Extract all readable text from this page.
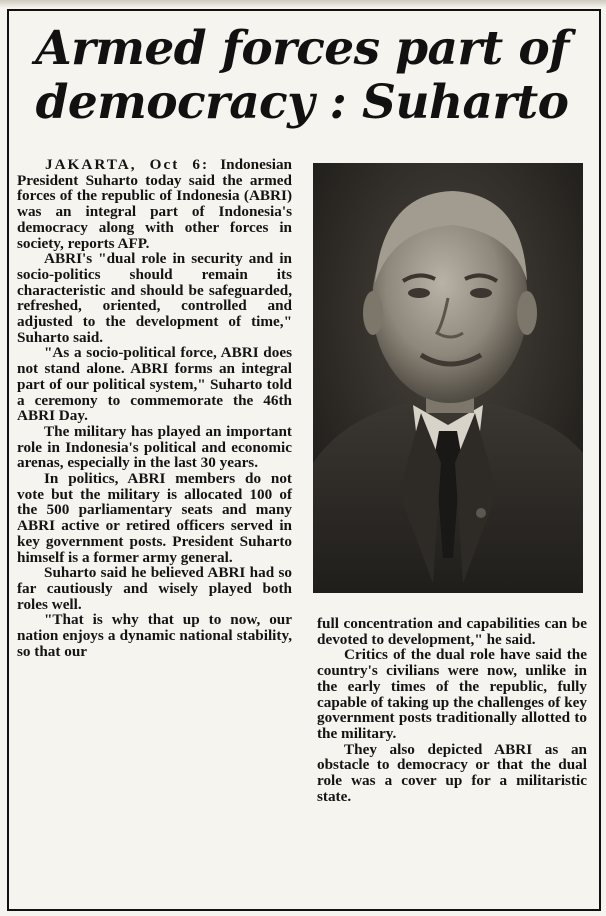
Armed forces part of
democracy : Suharto

JAKARTA, Oct 6: Indonesian President Suharto today said the armed forces of the republic of Indonesia (ABRI) was an integral part of Indonesia's democracy along with other forces in society, reports AFP.

ABRI's "dual role in security and in socio-politics should remain its characteristic and should be safeguarded, refreshed, oriented, controlled and adjusted to the development of time," Suharto said.

"As a socio-political force, ABRI does not stand alone. ABRI forms an integral part of our political system," Suharto told a ceremony to commemorate the 46th ABRI Day.

The military has played an important role in Indonesia's political and economic arenas, especially in the last 30 years.

In politics, ABRI members do not vote but the military is allocated 100 of the 500 parliamentary seats and many ABRI active or retired officers served in key government posts. President Suharto himself is a former army general.

Suharto said he believed ABRI had so far cautiously and wisely played both roles well.

"That is why that up to now, our nation enjoys a dynamic national stability, so that our

full concentration and capabilities can be devoted to development," he said.

Critics of the dual role have said the country's civilians were now, unlike in the early times of the republic, fully capable of taking up the challenges of key government posts traditionally allotted to the military.

They also depicted ABRI as an obstacle to democracy or that the dual role was a cover up for a militaristic state.
